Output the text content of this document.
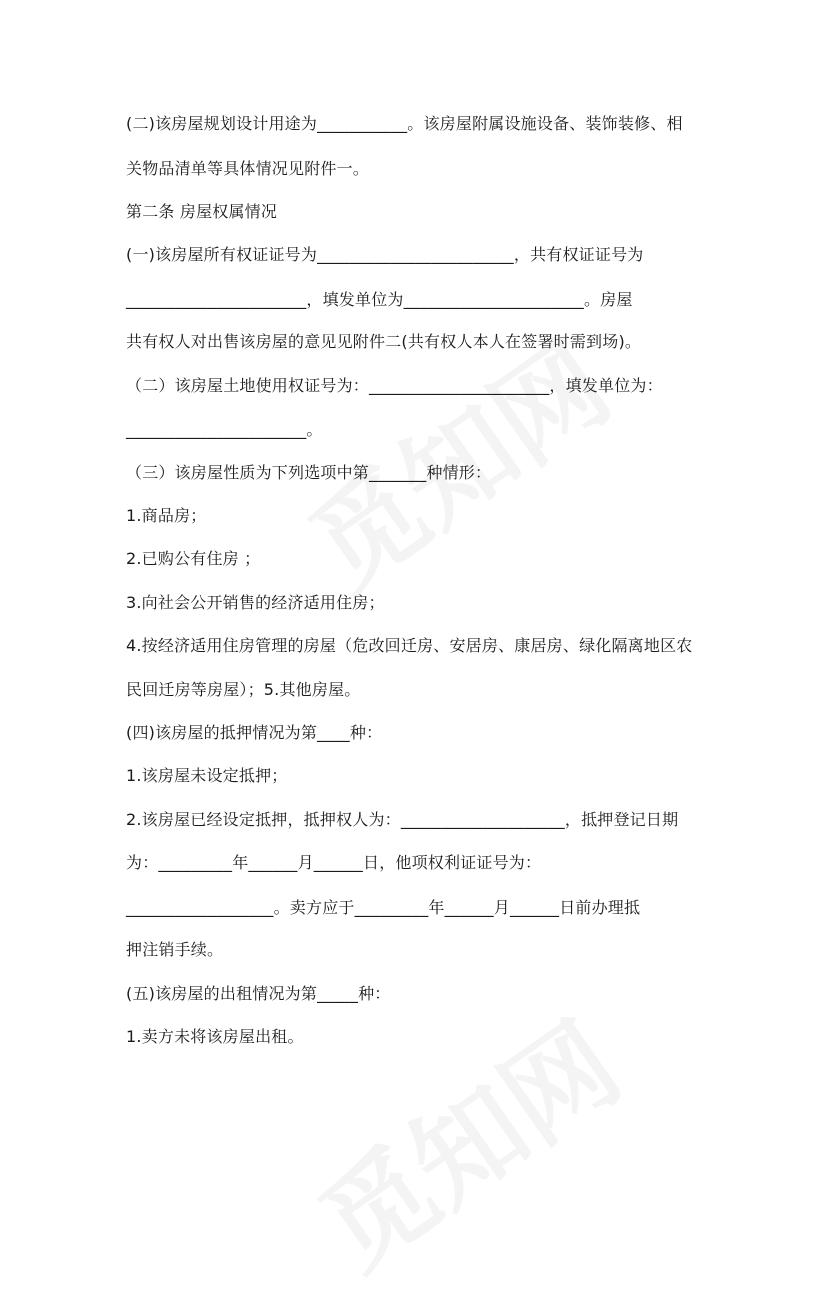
(二)该房屋规划设计用途为___________。该房屋附属设施设备、装饰装修、相
关物品清单等具体情况见附件一。
第二条 房屋权属情况
(一)该房屋所有权证证号为________________________，共有权证证号为
______________________，填发单位为______________________。房屋
共有权人对出售该房屋的意见见附件二(共有权人本人在签署时需到场)。
（二）该房屋土地使用权证号为：______________________，填发单位为：
______________________。
（三）该房屋性质为下列选项中第_______种情形：
1.商品房；
2.已购公有住房 ；
3.向社会公开销售的经济适用住房；
4.按经济适用住房管理的房屋（危改回迁房、安居房、康居房、绿化隔离地区农
民回迁房等房屋）；5.其他房屋。
(四)该房屋的抵押情况为第____种：
1.该房屋未设定抵押；
2.该房屋已经设定抵押，抵押权人为：____________________，抵押登记日期
为：_________年______月______日，他项权利证证号为：
__________________。卖方应于_________年______月______日前办理抵
押注销手续。
(五)该房屋的出租情况为第_____种：
1.卖方未将该房屋出租。
